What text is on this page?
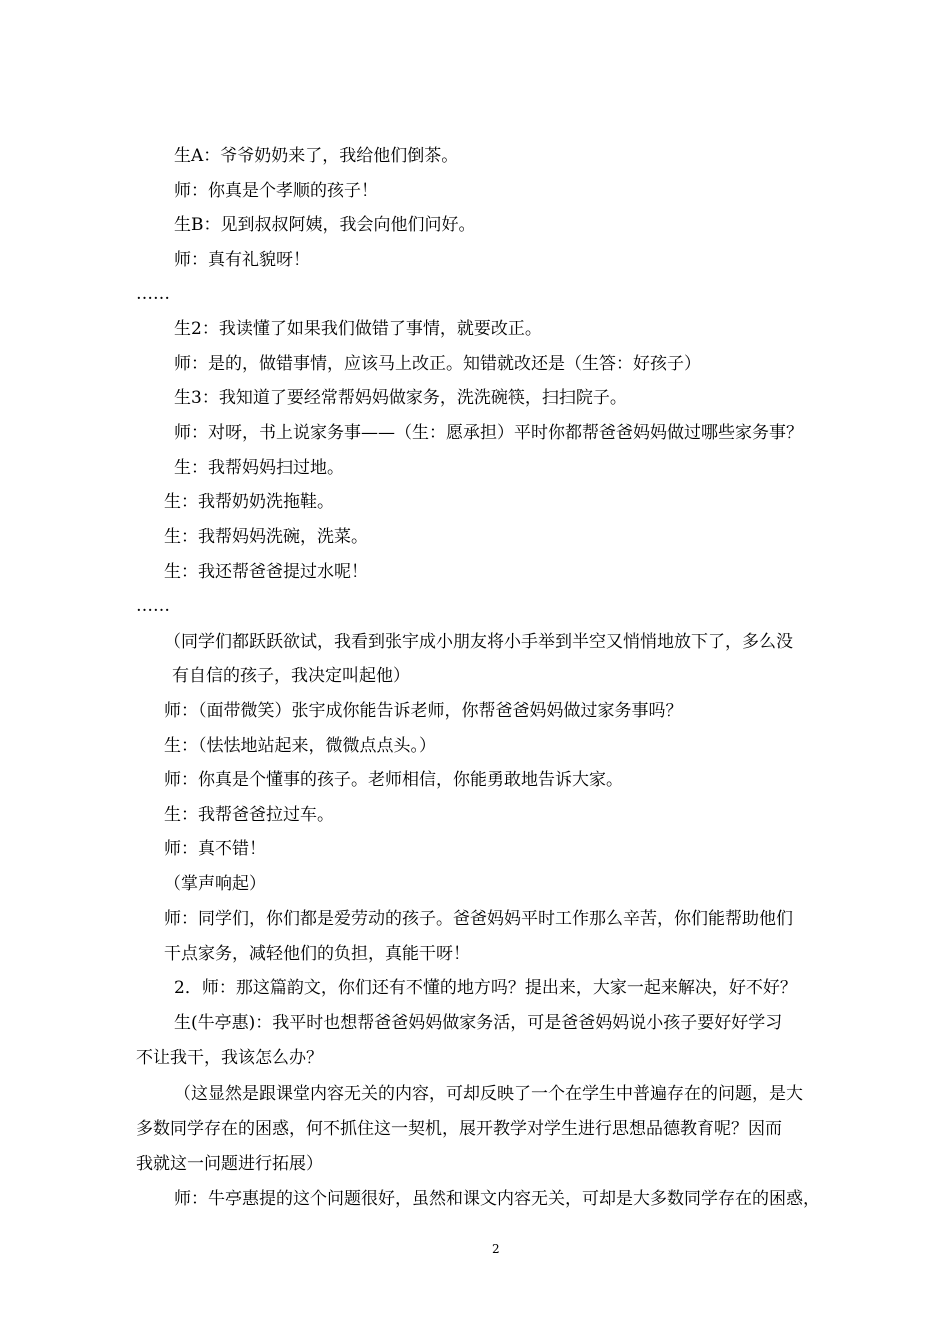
生A：爷爷奶奶来了，我给他们倒茶。
师：你真是个孝顺的孩子！
生B：见到叔叔阿姨，我会向他们问好。
师：真有礼貌呀！
……
生2：我读懂了如果我们做错了事情，就要改正。
师：是的，做错事情，应该马上改正。知错就改还是（生答：好孩子）
生3：我知道了要经常帮妈妈做家务，洗洗碗筷，扫扫院子。
师：对呀，书上说家务事——（生：愿承担）平时你都帮爸爸妈妈做过哪些家务事？
生：我帮妈妈扫过地。
生：我帮奶奶洗拖鞋。
生：我帮妈妈洗碗，洗菜。
生：我还帮爸爸提过水呢！
……
（同学们都跃跃欲试，我看到张宇成小朋友将小手举到半空又悄悄地放下了，多么没
有自信的孩子，我决定叫起他）
师：（面带微笑）张宇成你能告诉老师，你帮爸爸妈妈做过家务事吗？
生：（怯怯地站起来，微微点点头。）
师：你真是个懂事的孩子。老师相信，你能勇敢地告诉大家。
生：我帮爸爸拉过车。
师：真不错！
（掌声响起）
师：同学们，你们都是爱劳动的孩子。爸爸妈妈平时工作那么辛苦，你们能帮助他们
干点家务，减轻他们的负担，真能干呀！
2．师：那这篇韵文，你们还有不懂的地方吗？提出来，大家一起来解决，好不好？
生(牛亭惠)：我平时也想帮爸爸妈妈做家务活，可是爸爸妈妈说小孩子要好好学习
不让我干，我该怎么办？
（这显然是跟课堂内容无关的内容，可却反映了一个在学生中普遍存在的问题，是大
多数同学存在的困惑，何不抓住这一契机，展开教学对学生进行思想品德教育呢？因而
我就这一问题进行拓展）
师：牛亭惠提的这个问题很好，虽然和课文内容无关，可却是大多数同学存在的困惑，
2
